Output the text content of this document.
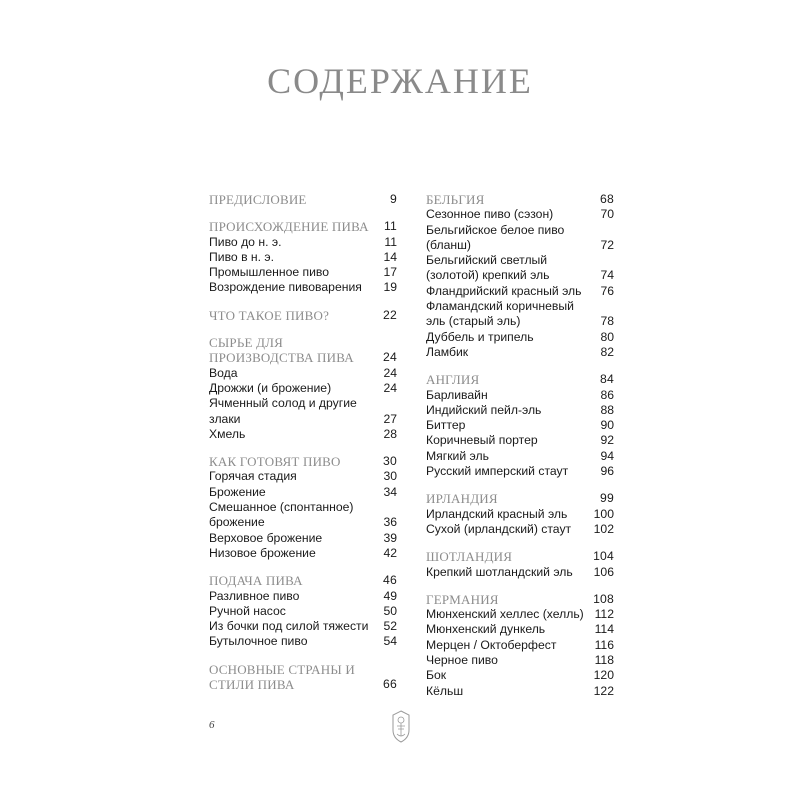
СОДЕРЖАНИЕ
ПРЕДИСЛОВИЕ	9
ПРОИСХОЖДЕНИЕ ПИВА 11
Пиво до н. э.	11
Пиво в н. э.	14
Промышленное пиво	17
Возрождение пивоварения 19
ЧТО ТАКОЕ ПИВО?	22
СЫРЬЕ ДЛЯ ПРОИЗВОДСТВА ПИВА 24
Вода	24
Дрожжи (и брожение)	24
Ячменный солод и другие злаки	27
Хмель	28
КАК ГОТОВЯТ ПИВО	30
Горячая стадия	30
Брожение	34
Смешанное (спонтанное) брожение	36
Верховое брожение	39
Низовое брожение	42
ПОДАЧА ПИВА	46
Разливное пиво	49
Ручной насос	50
Из бочки под силой тяжести 52
Бутылочное пиво	54
ОСНОВНЫЕ СТРАНЫ И СТИЛИ ПИВА	66
БЕЛЬГИЯ	68
Сезонное пиво (сэзон)	70
Бельгийское белое пиво (бланш)	72
Бельгийский светлый (золотой) крепкий эль	74
Фландрийский красный эль 76
Фламандский коричневый эль (старый эль)	78
Дуббель и трипель	80
Ламбик	82
АНГЛИЯ	84
Барливайн	86
Индийский пейл-эль	88
Биттер	90
Коричневый портер	92
Мягкий эль	94
Русский имперский стаут	96
ИРЛАНДИЯ	99
Ирландский красный эль 100
Сухой (ирландский) стаут 102
ШОТЛАНДИЯ	104
Крепкий шотландский эль 106
ГЕРМАНИЯ	108
Мюнхенский хеллес (хелль) 112
Мюнхенский дункель	114
Мерцен / Октоберфест	116
Черное пиво	118
Бок	120
Кёльш	122
6
